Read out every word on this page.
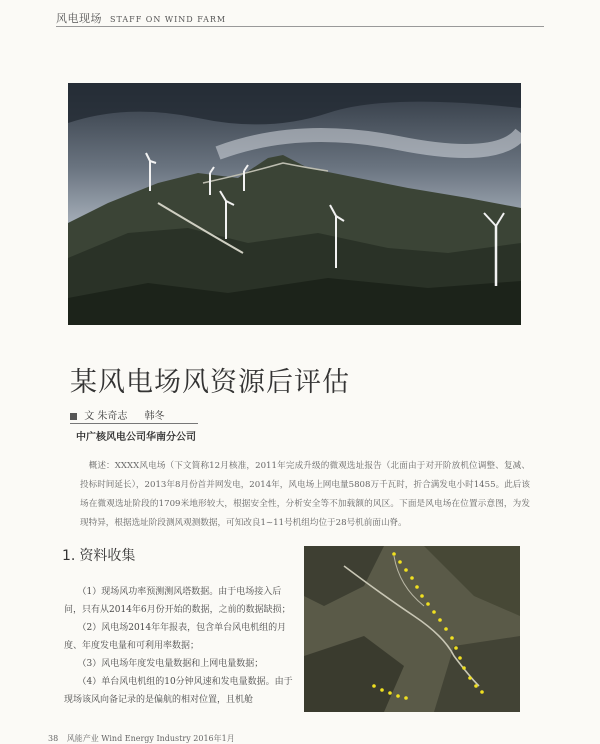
风电现场 STAFF ON WIND FARM
某风电场风资源后评估
文 朱奇志 韩冬
中广核风电公司华南分公司
概述：XXXX风电场（下文简称12月核准，2011年完成升级的微观选址报告（北面由于对开阶放机位调整、复减、投标时间延长），2013年8月份首并网发电，2014年，风电场上网电量5808万千瓦时，折合满发电小时1455。此后该场在微观选址阶段的1709米地形较大，根据安全性，分析安全等不加载额的风区。下面是风电场在位置示意图，为发现特异，根据选址阶段测风观测数据，可知改良1~11号机组均位于28号机前面山脊。
1. 资料收集

（1）现场风功率预测测风塔数据。由于电场接入后问，只有从2014年6月份开始的数据，之前的数据缺损；

（2）风电场2014年年报表，包含单台风电机组的月度、年度发电量和可利用率数据；

（3）风电场年度发电量数据和上网电量数据；

（4）单台风电机组的10分钟风速和发电量数据。由于现场该风向备记录的是偏航的相对位置，且机舱

38 风能产业 Wind Energy Industry 2016年1月
